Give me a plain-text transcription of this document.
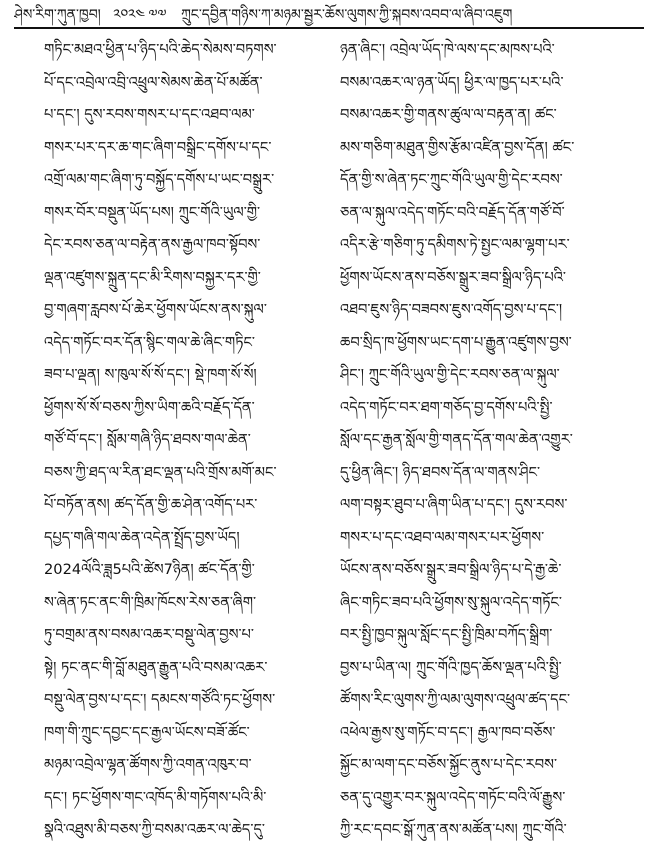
ཤེས་རིག་ཀུན་ཁྱབ། ༢༠༢༤ ༧༧ ཀྲུང་དབྱིན་གཉིས་ཀ་མཉམ་སྦྱར་ཆོས་ལུགས་ཀྱི་སྐབས་འབབ་ལ་ཞིབ་འཇུག
གཏིང་མཐའ་ཕྱིན་པ་ཉིད་པའི་ཆེད་སེམས་བཏགས་
པོ་དང་འབྲེལ་འབྲི་འཕྲུལ་སེམས་ཆེན་པོ་མཚོན་
པ་དང་། དུས་རབས་གསར་པ་དང་འཐབ་ལམ་
གསར་པར་དར་ཆ་གང་ཞིག་བསྒྲིང་དགོས་པ་དང་
འགྲོ་ལམ་གང་ཞིག་ཏུ་བསྐྱོད་དགོས་པ་ཡང་བསྒྲུར་
གསར་བོར་བསྡུན་ཡོད་པས། ཀྲུང་གོའི་ཡུལ་གྱི་
དེང་རབས་ཅན་ལ་བརྟེན་ནས་རྒྱལ་ཁབ་སྟོབས་
ལྡན་འཛུགས་སྐྲུན་དང་མི་རིགས་བསྐྱར་དར་གྱི་
བྱ་གཞག་རླབས་པོ་ཆེར་ཕྱོགས་ཡོངས་ནས་སྐུལ་
འདེད་གཏོང་བར་དོན་སྙིང་གལ་ཆེ་ཞིང་གཏིང་
ཟབ་པ་ལྡན། ས་ཁུལ་སོ་སོ་དང་། སྡེ་ཁག་སོ་སོ།
ཕྱོགས་སོ་སོ་བཅས་ཀྱིས་ཡིག་ཆའི་བརྗོད་དོན་
གཙོ་བོ་དང་། སློམ་གཞི་ཉིད་ཐབས་གལ་ཆེན་
བཅས་ཀྱི་ཐད་ལ་རིན་ཐང་ལྡན་པའི་གྲོས་མགོ་མང་
པོ་བཏོན་ནས། ཚད་དོན་གྱི་ཆ་ཤེན་འགོད་པར་
དཔྱད་གཞི་གལ་ཆེན་འདེན་སྤྲོད་བྱས་ཡོད།
2024ལོའི་ཟླ5པའི་ཚེས7ཉིན། ཚང་དོན་གྱི་
ས་ཞེན་ཏང་ནང་གི་ཁྲིམ་ཁོངས་རེས་ཅན་ཞིག་
ཏུ་བགྲམ་ནས་བསམ་འཆར་བསྡུ་ལེན་བྱས་པ་
སྟེ། ཏང་ནང་གི་བློ་མཐུན་རྒྱུན་པའི་བསམ་འཆར་
བསྡུ་ལེན་བྱས་པ་དང་། དམངས་གཙོའི་ཏང་ཕྱོགས་
ཁག་གི་ཀྲུང་དབྱང་དང་རྒྱལ་ཡོངས་བཟོ་ཚོང་
མཉམ་འབྲེལ་ལྷན་ཚོགས་ཀྱི་འགན་འཁུར་བ་
དང་། ཏང་ཕྱོགས་གང་འཁོད་མི་གཏོགས་པའི་མི་
སྣའི་འཐུས་མི་བཅས་ཀྱི་བསམ་འཆར་ལ་ཆེད་དུ་
ཉན་ཞིང་། འབྲེལ་ཡོད་ཁེ་ལས་དང་མཁས་པའི་
བསམ་འཆར་ལ་ཉན་ཡོད། ཕྱིར་ལ་ཁྱད་པར་པའི་
བསམ་འཆར་གྱི་གནས་ཚུལ་ལ་བརྟན་ན། ཚང་
མས་གཅིག་མཐུན་གྱིས་རྩོམ་འཛིན་བྱས་དོན། ཚང་
དོན་གྱི་ས་ཞེན་ཏང་ཀྲུང་གོའི་ཡུལ་གྱི་དེང་རབས་
ཅན་ལ་སྐུལ་འདེད་གཏོང་བའི་བརྗོད་དོན་གཙོ་བོ་
འདིར་རྩེ་གཅིག་ཏུ་དམིགས་ཏེ་སྤྱང་ལམ་ལྷག་པར་
ཕྱོགས་ཡོངས་ནས་བཅོས་སྒྲུར་ཟབ་སྒྲིལ་ཉིད་པའི་
འཐབ་ཇུས་ཉིད་བཟབས་ཇུས་འགོད་བྱས་པ་དང་།
ཆབ་སྲིད་ཁ་ཕྱོགས་ཡང་དག་པ་རྒྱུན་འཛུགས་བྱས་
ཤིང་། ཀྲུང་གོའི་ཡུལ་གྱི་དེང་རབས་ཅན་ལ་སྐུལ་
འདེད་གཏོང་བར་ཐག་གཅོད་བྱ་དགོས་པའི་སྤྱི་
སློལ་དང་རྒྱན་སློལ་གྱི་གནད་དོན་གལ་ཆེན་འགྱུར་
དུ་ཕྱིན་ཞིང་། ཉིད་ཐབས་དོན་ལ་གནས་ཤིང་
ལག་བསྟར་ཐུབ་པ་ཞིག་ཡིན་པ་དང་། དུས་རབས་
གསར་པ་དང་འཐབ་ལམ་གསར་པར་ཕྱོགས་
ཡོངས་ནས་བཅོས་སྒྲུར་ཟབ་སྒྲིལ་ཉིད་པ་དེ་རྒྱ་ཆེ་
ཞིང་གཏིང་ཟབ་པའི་ཕྱོགས་སུ་སྐུལ་འདེད་གཏོང་
བར་སྤྱི་ཁྱབ་སྐུལ་སློང་དང་སྤྱི་ཁྲིམ་བཀོད་སྒྲིག་
བྱས་པ་ཡིན་ལ། ཀྲུང་གོའི་ཁྱད་ཆོས་ལྡན་པའི་སྤྱི་
ཚོགས་རིང་ལུགས་ཀྱི་ལམ་ལུགས་འཕྲུལ་ཚད་དང་
འཕེལ་རྒྱས་སུ་གཏོང་བ་དང་། རྒྱལ་ཁབ་བཅོས་
སྐྱོང་མ་ལག་དང་བཅོས་སྐྱོང་ནུས་པ་དེང་རབས་
ཅན་དུ་འགྱུར་བར་སྐུལ་འདེད་གཏོང་བའི་ལོ་རྒྱུས་
ཀྱི་རང་དབང་སྒོ་ཀུན་ནས་མཚོན་པས། ཀྲུང་གོའི་
